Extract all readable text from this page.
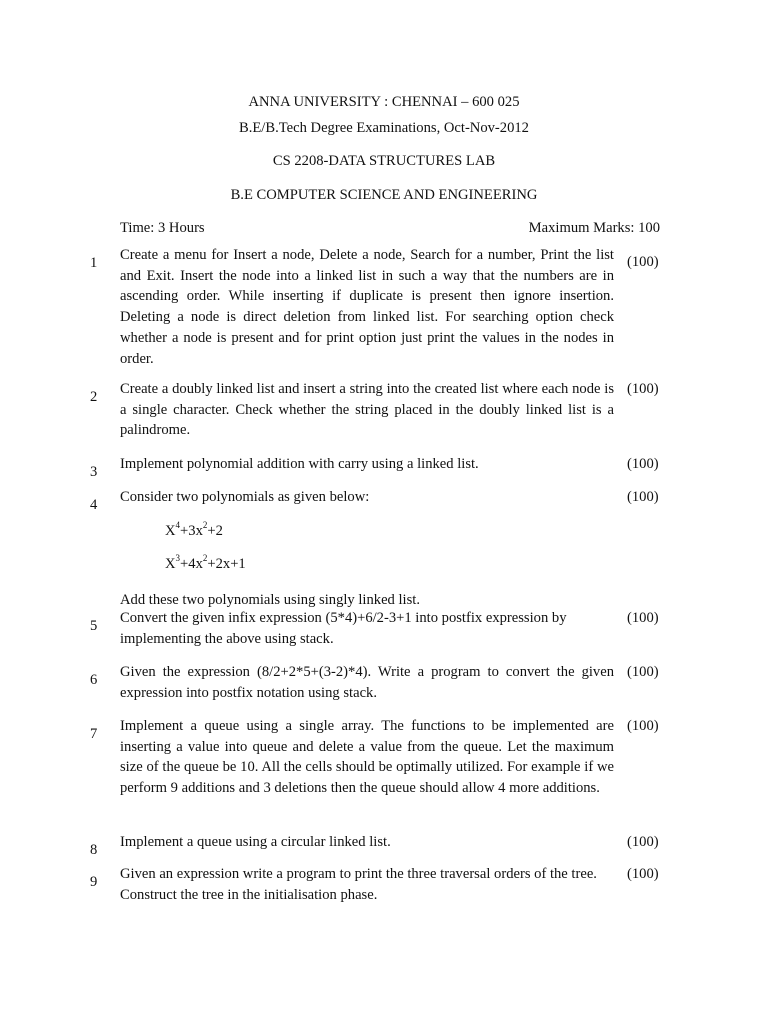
ANNA UNIVERSITY : CHENNAI – 600 025
B.E/B.Tech Degree Examinations, Oct-Nov-2012
CS 2208-DATA STRUCTURES LAB
B.E COMPUTER SCIENCE AND ENGINEERING
Time: 3 Hours	Maximum Marks: 100
1 Create a menu for Insert a node, Delete a node, Search for a number, Print the list and Exit. Insert the node into a linked list in such a way that the numbers are in ascending order. While inserting if duplicate is present then ignore insertion. Deleting a node is direct deletion from linked list. For searching option check whether a node is present and for print option just print the values in the nodes in order.
(100)
2 Create a doubly linked list and insert a string into the created list where each node is a single character. Check whether the string placed in the doubly linked list is a palindrome.
(100)
3 Implement polynomial addition with carry using a linked list.	(100)
4 Consider two polynomials as given below:	(100)
$X^4+3x^2+2$
$X^3+4x^2+2x+1$
Add these two polynomials using singly linked list.
5 Convert the given infix expression (5*4)+6/2-3+1 into postfix expression by implementing the above using stack.
(100)
6 Given the expression (8/2+2*5+(3-2)*4). Write a program to convert the given expression into postfix notation using stack.
(100)
7 Implement a queue using a single array. The functions to be implemented are inserting a value into queue and delete a value from the queue. Let the maximum size of the queue be 10. All the cells should be optimally utilized. For example if we perform 9 additions and 3 deletions then the queue should allow 4 more additions.
(100)
8 Implement a queue using a circular linked list.	(100)
9 Given an expression write a program to print the three traversal orders of the tree. Construct the tree in the initialisation phase.
(100)
